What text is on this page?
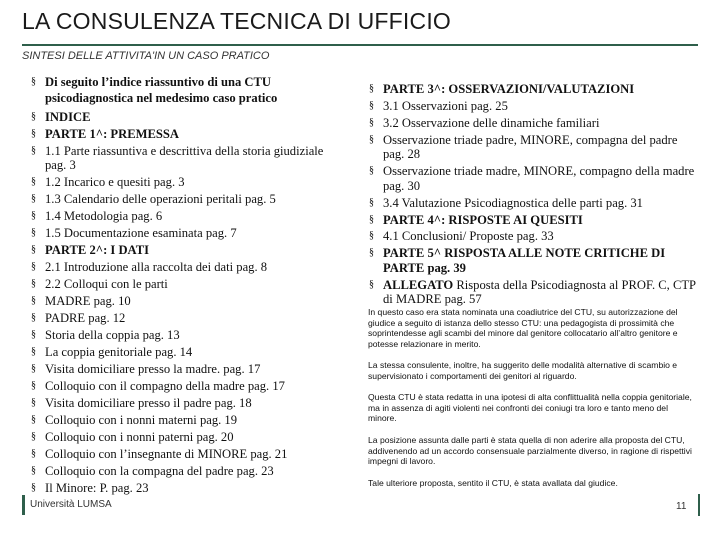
LA CONSULENZA TECNICA DI UFFICIO
SINTESI DELLE ATTIVITA'IN UN CASO PRATICO
§ Di seguito l’indice riassuntivo di una CTU psicodiagnostica nel medesimo caso pratico
§ INDICE
§ PARTE 1^: PREMESSA
§ 1.1 Parte riassuntiva e descrittiva della storia giudiziale pag. 3
§ 1.2 Incarico e quesiti pag. 3
§ 1.3 Calendario delle operazioni peritali pag. 5
§ 1.4 Metodologia pag. 6
§ 1.5 Documentazione esaminata pag. 7
§ PARTE 2^: I DATI
§ 2.1 Introduzione alla raccolta dei dati pag. 8
§ 2.2 Colloqui con le parti
§ MADRE pag. 10
§ PADRE pag. 12
§ Storia della coppia pag. 13
§ La coppia genitoriale pag. 14
§ Visita domiciliare presso la madre. pag. 17
§ Colloquio con il compagno della madre pag. 17
§ Visita domiciliare presso il padre pag. 18
§ Colloquio con i nonni materni pag. 19
§ Colloquio con i nonni paterni pag. 20
§ Colloquio con l’insegnante di MINORE pag. 21
§ Colloquio con la compagna del padre pag. 23
§ Il Minore: P. pag. 23
§ PARTE 3^: OSSERVAZIONI/VALUTAZIONI
§ 3.1 Osservazioni pag. 25
§ 3.2 Osservazione delle dinamiche familiari
§ Osservazione triade padre, MINORE, compagna del padre pag. 28
§ Osservazione triade madre, MINORE, compagno della madre pag. 30
§ 3.4 Valutazione Psicodiagnostica delle parti pag. 31
§ PARTE 4^: RISPOSTE AI QUESITI
§ 4.1 Conclusioni/ Proposte pag. 33
§ PARTE 5^ RISPOSTA ALLE NOTE CRITICHE DI PARTE pag. 39
§ ALLEGATO Risposta della Psicodiagnosta al PROF. C, CTP di MADRE pag. 57
In questo caso era stata nominata una coadiutrice del CTU, su autorizzazione del giudice a seguito di istanza dello stesso CTU: una pedagogista di prossimità che soprintendesse agli scambi del minore dal genitore collocatario all’altro genitore e potesse relazionare in merito.
La stessa consulente, inoltre, ha suggerito delle modalità alternative di scambio e supervisionato i comportamenti dei genitori al riguardo.
Questa CTU è stata redatta in una ipotesi di alta conflittualità nella coppia genitoriale, ma in assenza di agiti violenti nei confronti dei coniugi tra loro e tanto meno del minore.
La posizione assunta dalle parti è stata quella di non aderire alla proposta del CTU, addivenendo ad un accordo consensuale parzialmente diverso, in ragione di rispettivi impegni di lavoro.
Tale ulteriore proposta, sentito il CTU, è stata avallata dal giudice.
Università LUMSA	11
